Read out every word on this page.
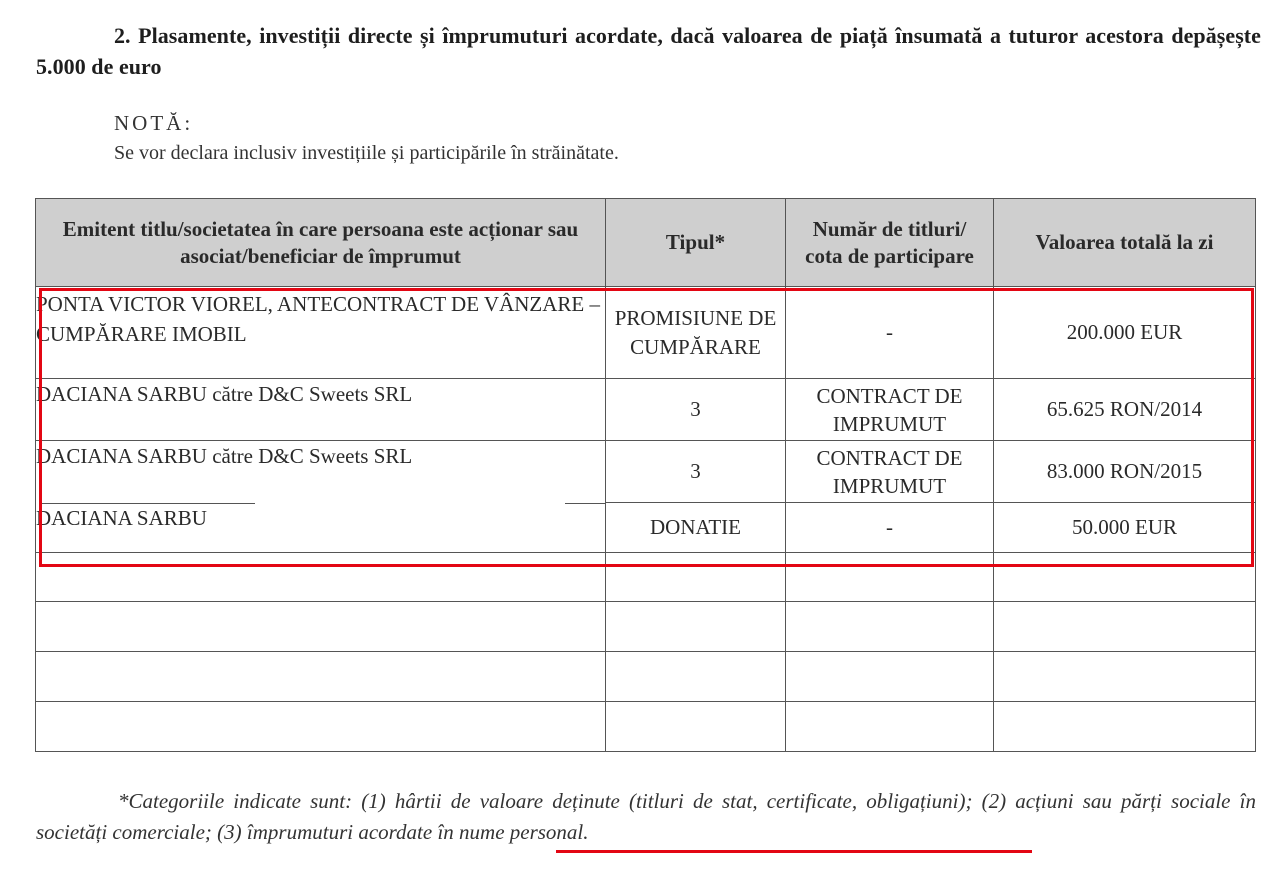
2. Plasamente, investiții directe și împrumuturi acordate, dacă valoarea de piață însumată a tuturor acestora depășește 5.000 de euro
NOTĂ:
Se vor declara inclusiv investițiile și participările în străinătate.
Emitent titlu/societatea în care persoana este acționar sau asociat/beneficiar de împrumut	Tipul*	Număr de titluri/ cota de participare	Valoarea totală la zi
PONTA VICTOR VIOREL, ANTECONTRACT DE VÂNZARE – CUMPĂRARE IMOBIL	PROMISIUNE DE CUMPĂRARE	-	200.000 EUR
DACIANA SARBU către D&C Sweets SRL	3	CONTRACT DE IMPRUMUT	65.625 RON/2014
DACIANA SARBU către D&C Sweets SRL	3	CONTRACT DE IMPRUMUT	83.000 RON/2015
DACIANA SARBU	DONATIE	-	50.000 EUR

*Categoriile indicate sunt: (1) hârtii de valoare deținute (titluri de stat, certificate, obligațiuni); (2) acțiuni sau părți sociale în societăți comerciale; (3) împrumuturi acordate în nume personal.
